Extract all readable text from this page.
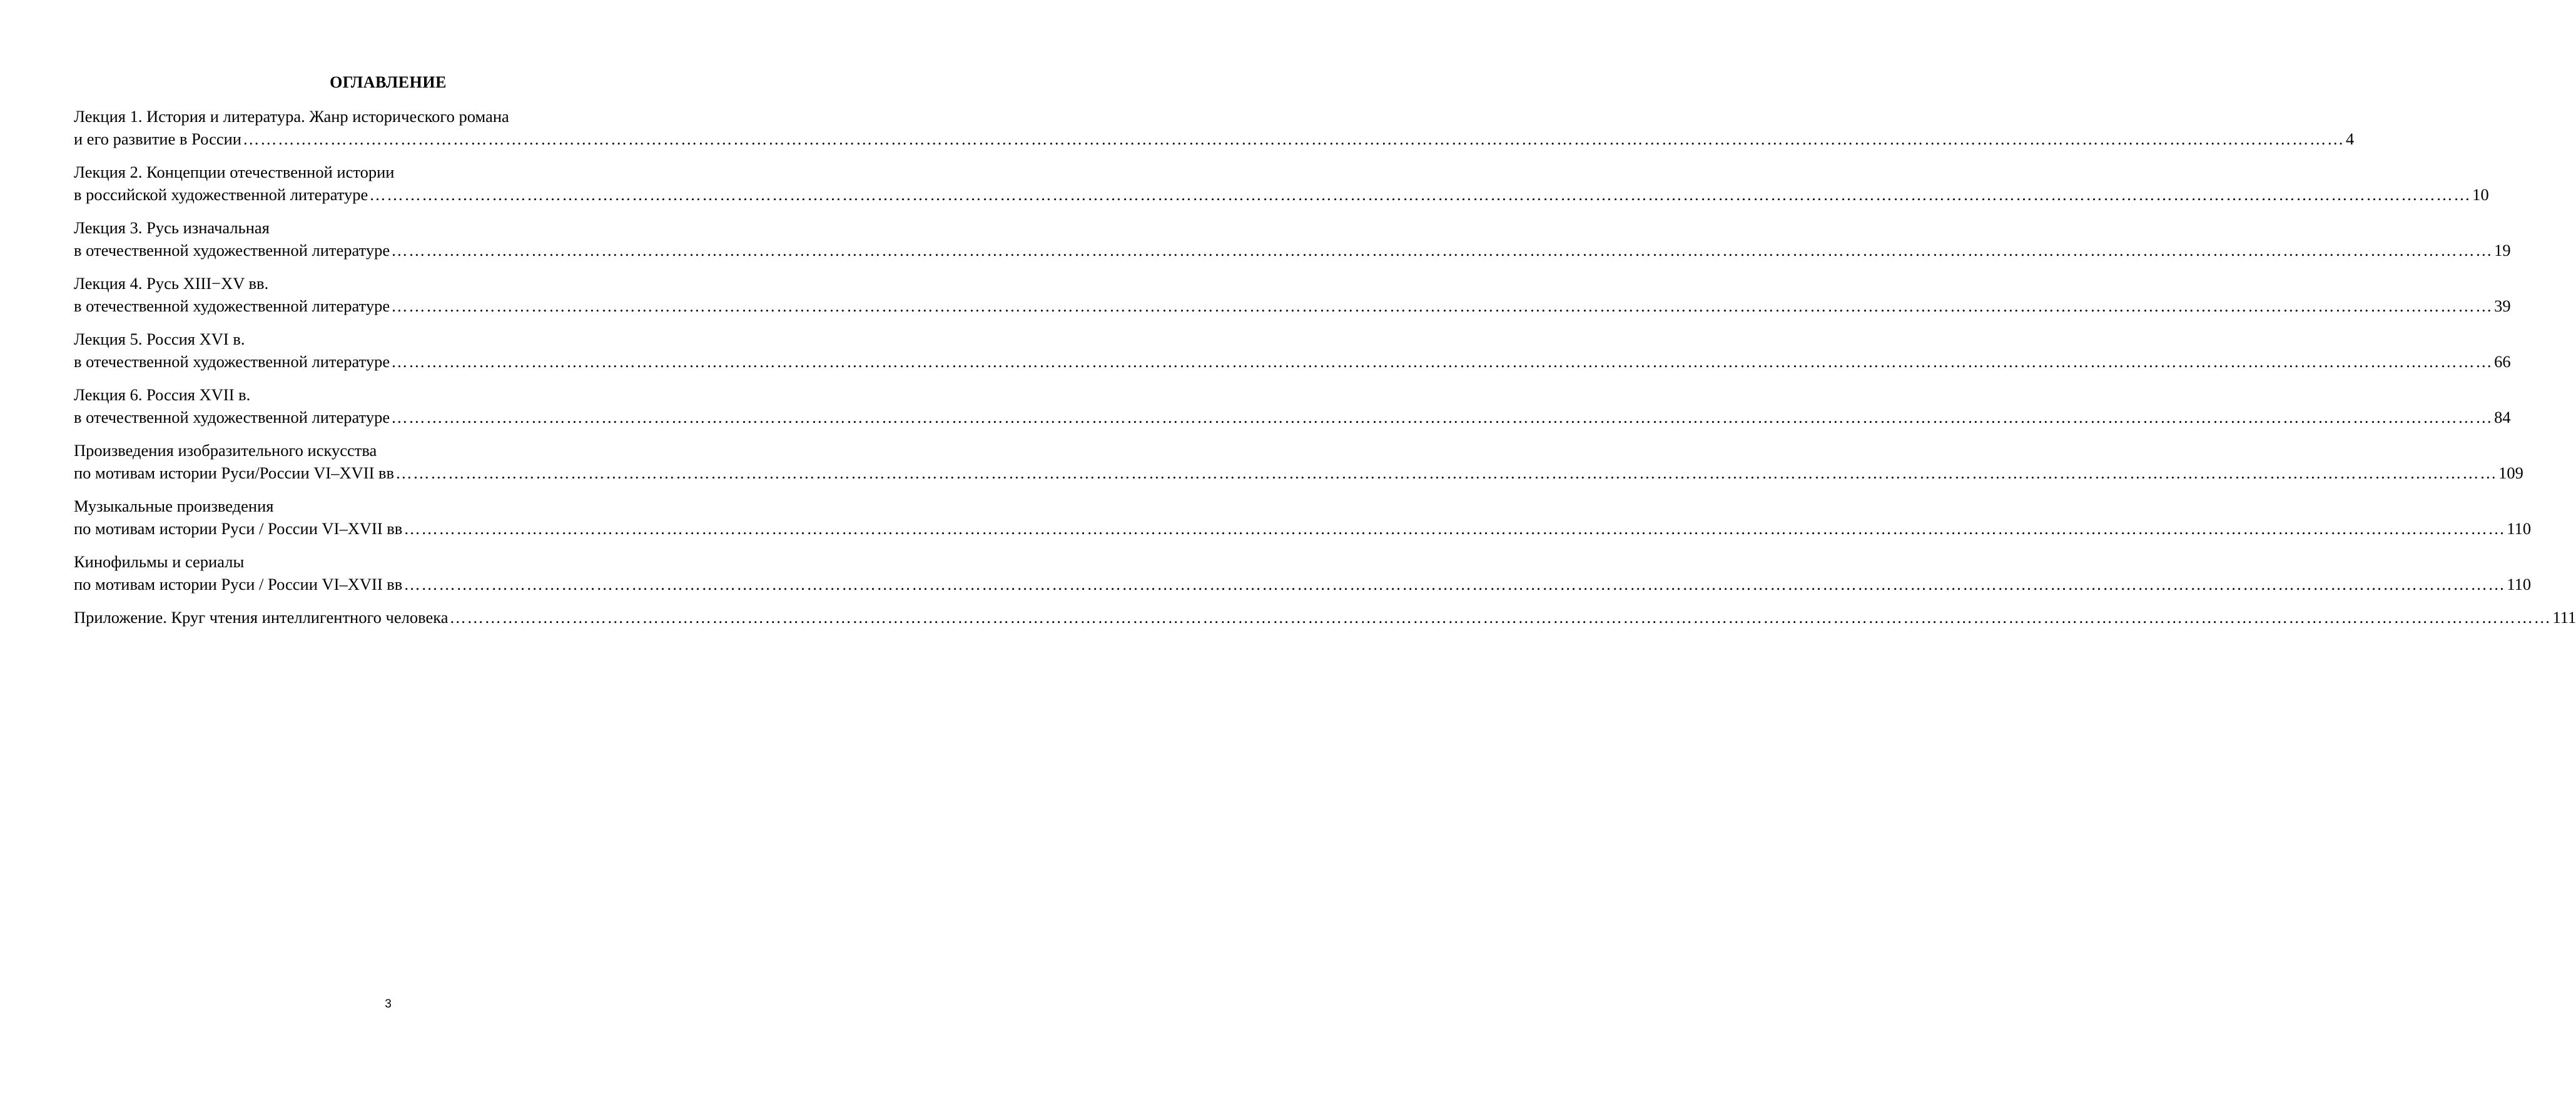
ОГЛАВЛЕНИЕ
Лекция 1. История и литература. Жанр исторического романа
и его развитие в России ……………………………………………………………………………………………………………………………………………………………………………………………………………………………………………………………………………………………………………………………… 4
Лекция 2. Концепции отечественной истории
в российской художественной литературе ……………………………………………………………………………………………………………………………………………………………………………………………………………………………………………………………………………………………………………………………… 10
Лекция 3. Русь изначальная
в отечественной художественной литературе ……………………………………………………………………………………………………………………………………………………………………………………………………………………………………………………………………………………………………………………………… 19
Лекция 4. Русь XIII−XV вв.
в отечественной художественной литературе ……………………………………………………………………………………………………………………………………………………………………………………………………………………………………………………………………………………………………………………………… 39
Лекция 5. Россия XVI в.
в отечественной художественной литературе ……………………………………………………………………………………………………………………………………………………………………………………………………………………………………………………………………………………………………………………………… 66
Лекция 6. Россия XVII в.
в отечественной художественной литературе ……………………………………………………………………………………………………………………………………………………………………………………………………………………………………………………………………………………………………………………………… 84
Произведения изобразительного искусства
по мотивам истории Руси/России VI–XVII вв ……………………………………………………………………………………………………………………………………………………………………………………………………………………………………………………………………………………………………………………………… 109
Музыкальные произведения
по мотивам истории Руси / России VI–XVII вв ……………………………………………………………………………………………………………………………………………………………………………………………………………………………………………………………………………………………………………………………… 110
Кинофильмы и сериалы
по мотивам истории Руси / России VI–XVII вв ……………………………………………………………………………………………………………………………………………………………………………………………………………………………………………………………………………………………………………………………… 110
Приложение. Круг чтения интеллигентного человека ……………………………………………………………………………………………………………………………………………………………………………………………………………………………………………………………………………………………………………………………… 111
3
